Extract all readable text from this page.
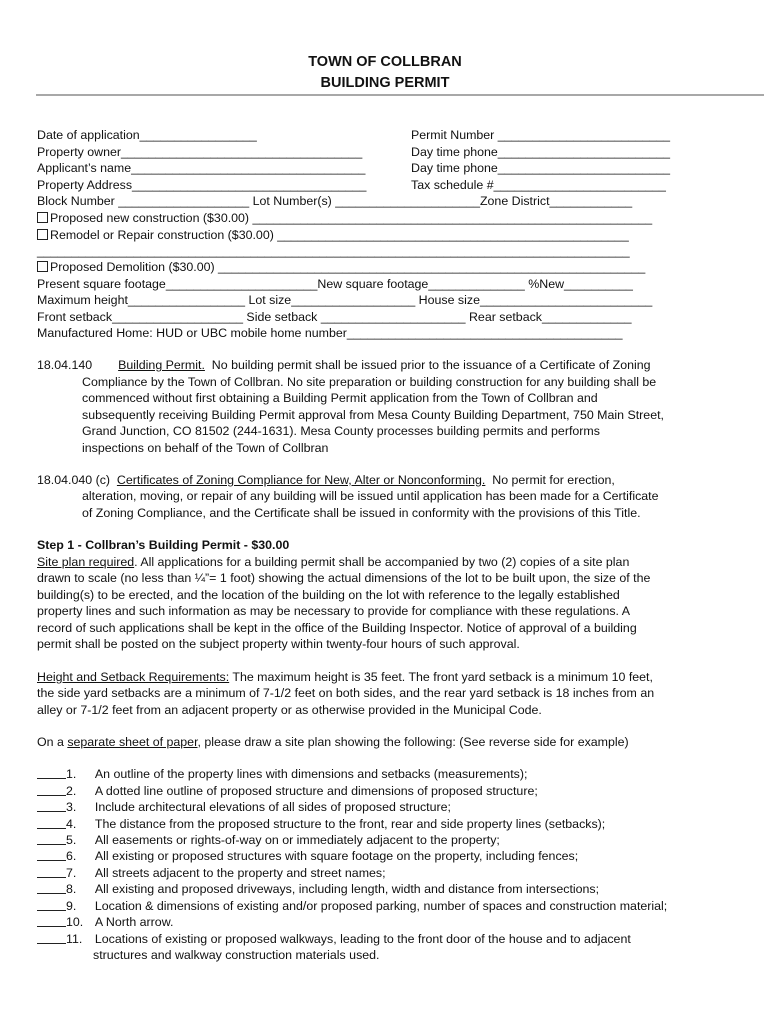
TOWN OF COLLBRAN
BUILDING PERMIT
Date of application_________________	Permit Number _________________________
Property owner___________________________________	Day time phone_________________________
Applicant’s name__________________________________	Day time phone_________________________
Property Address__________________________________	Tax schedule #_________________________
Block Number ___________________ Lot Number(s) _____________________Zone District____________
Proposed new construction ($30.00) __________________________________________________________
Remodel or Repair construction ($30.00) ___________________________________________________
______________________________________________________________________________________
Proposed Demolition ($30.00) ______________________________________________________________
Present square footage______________________New square footage______________ %New__________
Maximum height_________________ Lot size__________________ House size_________________________
Front setback___________________ Side setback _____________________ Rear setback_____________
Manufactured Home: HUD or UBC mobile home number________________________________________
18.04.140 Building Permit. No building permit shall be issued prior to the issuance of a Certificate of Zoning
Compliance by the Town of Collbran. No site preparation or building construction for any building shall be
commenced without first obtaining a Building Permit application from the Town of Collbran and
subsequently receiving Building Permit approval from Mesa County Building Department, 750 Main Street,
Grand Junction, CO 81502 (244-1631). Mesa County processes building permits and performs
inspections on behalf of the Town of Collbran
18.04.040 (c) Certificates of Zoning Compliance for New, Alter or Nonconforming. No permit for erection,
alteration, moving, or repair of any building will be issued until application has been made for a Certificate
of Zoning Compliance, and the Certificate shall be issued in conformity with the provisions of this Title.
Step 1 - Collbran’s Building Permit - $30.00
Site plan required. All applications for a building permit shall be accompanied by two (2) copies of a site plan
drawn to scale (no less than ¼”= 1 foot) showing the actual dimensions of the lot to be built upon, the size of the
building(s) to be erected, and the location of the building on the lot with reference to the legally established
property lines and such information as may be necessary to provide for compliance with these regulations. A
record of such applications shall be kept in the office of the Building Inspector. Notice of approval of a building
permit shall be posted on the subject property within twenty-four hours of such approval.
Height and Setback Requirements: The maximum height is 35 feet. The front yard setback is a minimum 10 feet,
the side yard setbacks are a minimum of 7-1/2 feet on both sides, and the rear yard setback is 18 inches from an
alley or 7-1/2 feet from an adjacent property or as otherwise provided in the Municipal Code.
On a separate sheet of paper, please draw a site plan showing the following: (See reverse side for example)
1. An outline of the property lines with dimensions and setbacks (measurements);
2. A dotted line outline of proposed structure and dimensions of proposed structure;
3. Include architectural elevations of all sides of proposed structure;
4. The distance from the proposed structure to the front, rear and side property lines (setbacks);
5. All easements or rights-of-way on or immediately adjacent to the property;
6. All existing or proposed structures with square footage on the property, including fences;
7. All streets adjacent to the property and street names;
8. All existing and proposed driveways, including length, width and distance from intersections;
9. Location & dimensions of existing and/or proposed parking, number of spaces and construction material;
10. A North arrow.
11. Locations of existing or proposed walkways, leading to the front door of the house and to adjacent
structures and walkway construction materials used.
